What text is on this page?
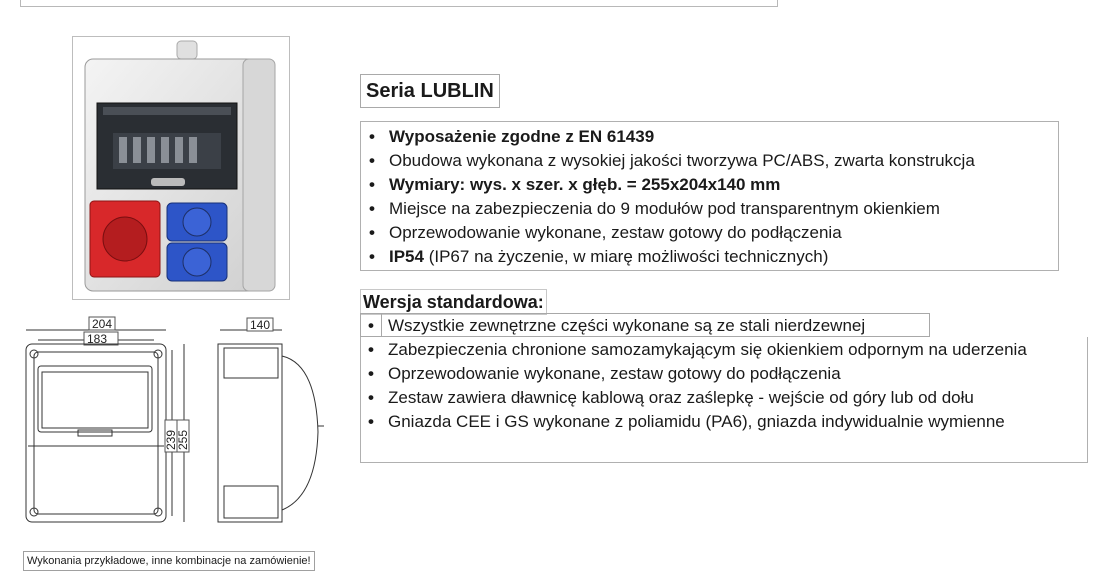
Seria LUBLIN
• Wyposażenie zgodne z EN 61439
• Obudowa wykonana z wysokiej jakości tworzywa PC/ABS, zwarta konstrukcja
• Wymiary: wys. x szer. x głęb. = 255x204x140 mm
• Miejsce na zabezpieczenia do 9 modułów pod transparentnym okienkiem
• Oprzewodowanie wykonane, zestaw gotowy do podłączenia
• IP54 (IP67 na życzenie, w miarę możliwości technicznych)
Wersja standardowa:
• Wszystkie zewnętrzne części wykonane są ze stali nierdzewnej
• Zabezpieczenia chronione samozamykającym się okienkiem odpornym na uderzenia
• Oprzewodowanie wykonane, zestaw gotowy do podłączenia
• Zestaw zawiera dławnicę kablową oraz zaślepkę - wejście od góry lub od dołu
• Gniazda CEE i GS wykonane z poliamidu (PA6), gniazda indywidualnie wymienne
204
183
239
255
140
Wykonania przykładowe, inne kombinacje na zamówienie!
